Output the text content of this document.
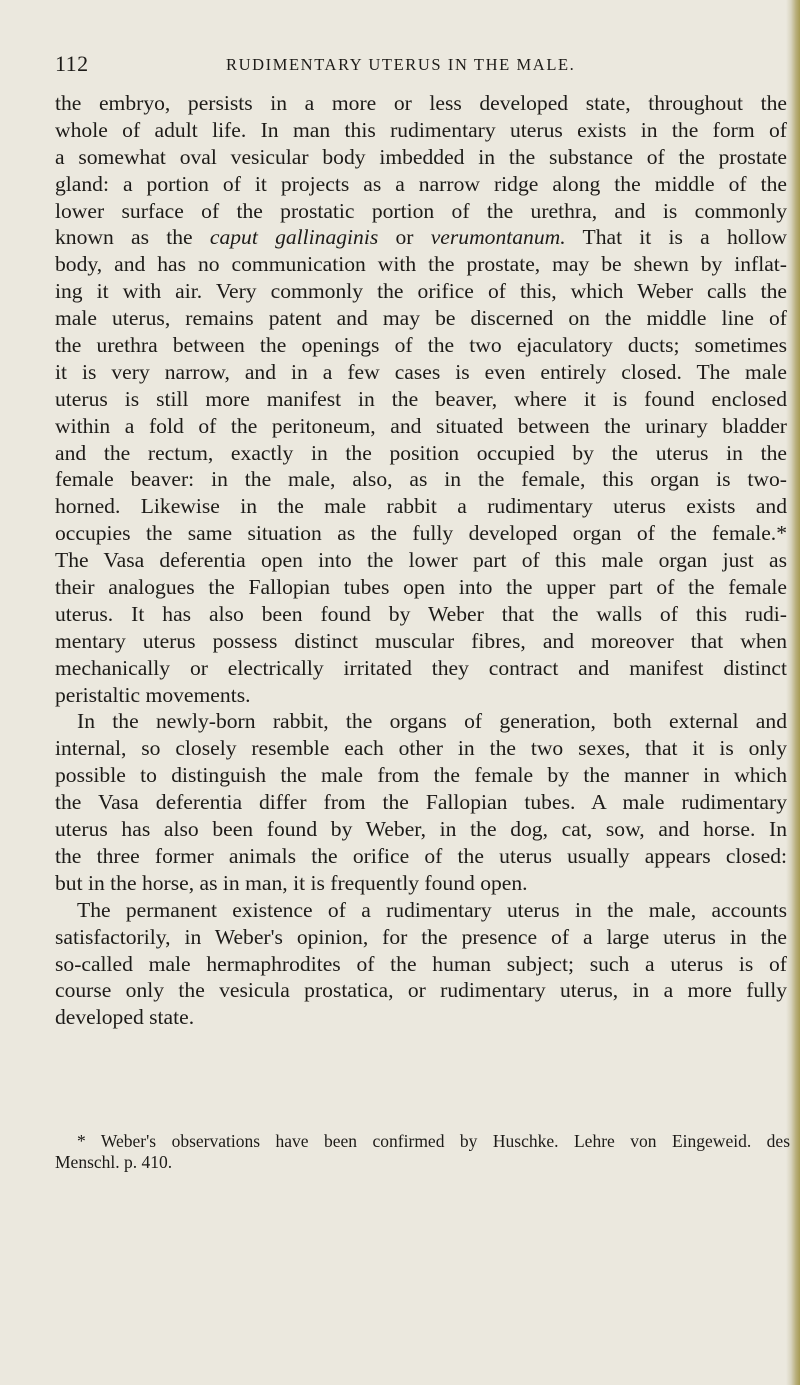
112	RUDIMENTARY UTERUS IN THE MALE.
the embryo, persists in a more or less developed state, throughout the
whole of adult life. In man this rudimentary uterus exists in the form of
a somewhat oval vesicular body imbedded in the substance of the prostate
gland: a portion of it projects as a narrow ridge along the middle of the
lower surface of the prostatic portion of the urethra, and is commonly
known as the caput gallinaginis or verumontanum. That it is a hollow
body, and has no communication with the prostate, may be shewn by inflat-
ing it with air. Very commonly the orifice of this, which Weber calls the
male uterus, remains patent and may be discerned on the middle line of
the urethra between the openings of the two ejaculatory ducts; sometimes
it is very narrow, and in a few cases is even entirely closed. The male
uterus is still more manifest in the beaver, where it is found enclosed
within a fold of the peritoneum, and situated between the urinary bladder
and the rectum, exactly in the position occupied by the uterus in the
female beaver: in the male, also, as in the female, this organ is two-
horned. Likewise in the male rabbit a rudimentary uterus exists and
occupies the same situation as the fully developed organ of the female.*
The Vasa deferentia open into the lower part of this male organ just as
their analogues the Fallopian tubes open into the upper part of the female
uterus. It has also been found by Weber that the walls of this rudi-
mentary uterus possess distinct muscular fibres, and moreover that when
mechanically or electrically irritated they contract and manifest distinct
peristaltic movements.
In the newly-born rabbit, the organs of generation, both external and
internal, so closely resemble each other in the two sexes, that it is only
possible to distinguish the male from the female by the manner in which
the Vasa deferentia differ from the Fallopian tubes. A male rudimentary
uterus has also been found by Weber, in the dog, cat, sow, and horse. In
the three former animals the orifice of the uterus usually appears closed:
but in the horse, as in man, it is frequently found open.
The permanent existence of a rudimentary uterus in the male, accounts
satisfactorily, in Weber's opinion, for the presence of a large uterus in the
so-called male hermaphrodites of the human subject; such a uterus is of
course only the vesicula prostatica, or rudimentary uterus, in a more fully
developed state.
* Weber's observations have been confirmed by Huschke. Lehre von Eingeweid. des
Menschl. p. 410.
